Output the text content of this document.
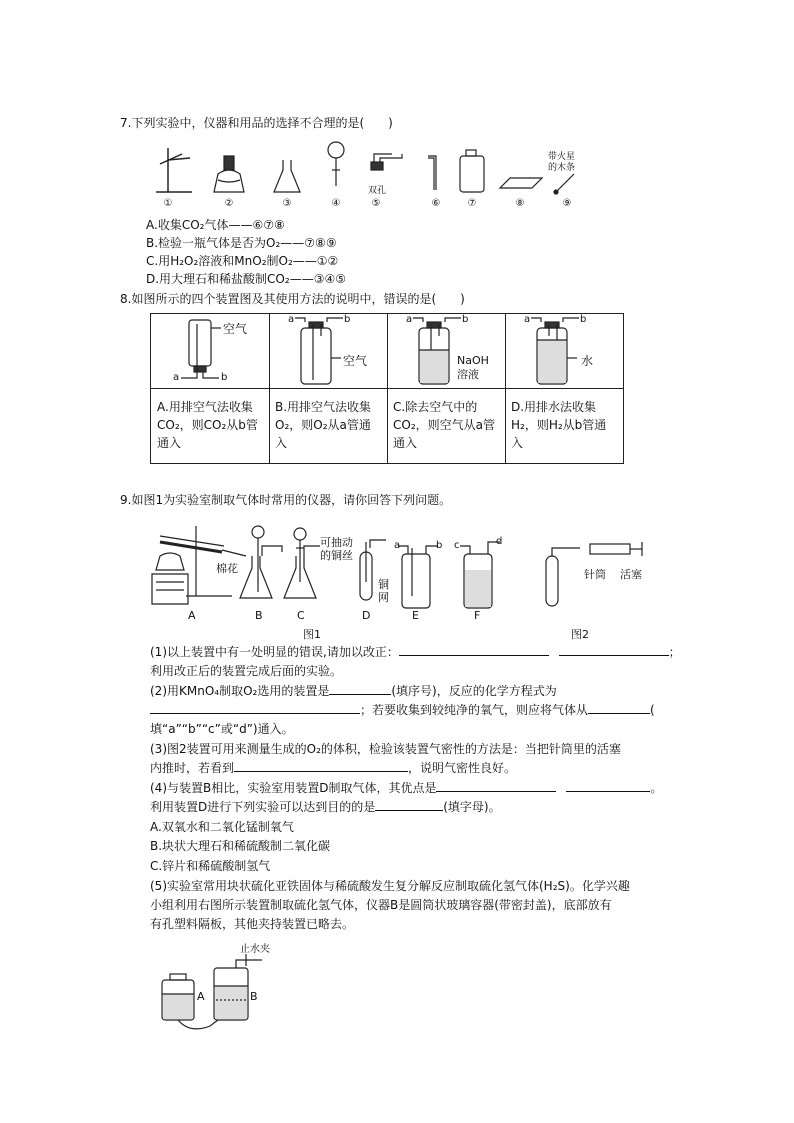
7.下列实验中，仪器和用品的选择不合理的是(　　)
带火星
的木条
双孔
①	②	③	④	⑤	⑥	⑦	⑧	⑨
A.收集CO₂气体——⑥⑦⑧
B.检验一瓶气体是否为O₂——⑦⑧⑨
C.用H₂O₂溶液和MnO₂制O₂——①②
D.用大理石和稀盐酸制CO₂——③④⑤
8.如图所示的四个装置图及其使用方法的说明中，错误的是(　　)
空气
a	b
a	b
空气
a	b
NaOH
溶液
a	b
水
A.用排空气法收集CO₂，则CO₂从b管通入
B.用排空气法收集O₂，则O₂从a管通入
C.除去空气中的CO₂，则空气从a管通入
D.用排水法收集H₂，则H₂从b管通入
9.如图1为实验室制取气体时常用的仪器，请你回答下列问题。
棉花
可抽动
的铜丝
铜
网
a	b c	d
针筒 活塞
A	B	C	D	E	F
图1	图2
(1)以上装置中有一处明显的错误,请加以改正：	；
利用改正后的装置完成后面的实验。
(2)用KMnO₄制取O₂选用的装置是	(填序号)，反应的化学方程式为
；若要收集到较纯净的氧气，则应将气体从	(
填“a”“b”“c”或“d”)通入。
(3)图2装置可用来测量生成的O₂的体积，检验该装置气密性的方法是：当把针筒里的活塞
内推时，若看到	，说明气密性良好。
(4)与装置B相比，实验室用装置D制取气体，其优点是	。
利用装置D进行下列实验可以达到目的的是	(填字母)。
A.双氧水和二氧化锰制氧气
B.块状大理石和稀硫酸制二氧化碳
C.锌片和稀硫酸制氢气
(5)实验室常用块状硫化亚铁固体与稀硫酸发生复分解反应制取硫化氢气体(H₂S)。化学兴趣
小组利用右图所示装置制取硫化氢气体，仪器B是圆筒状玻璃容器(带密封盖)，底部放有
有孔塑料隔板，其他夹持装置已略去。
止水夹
A	B
